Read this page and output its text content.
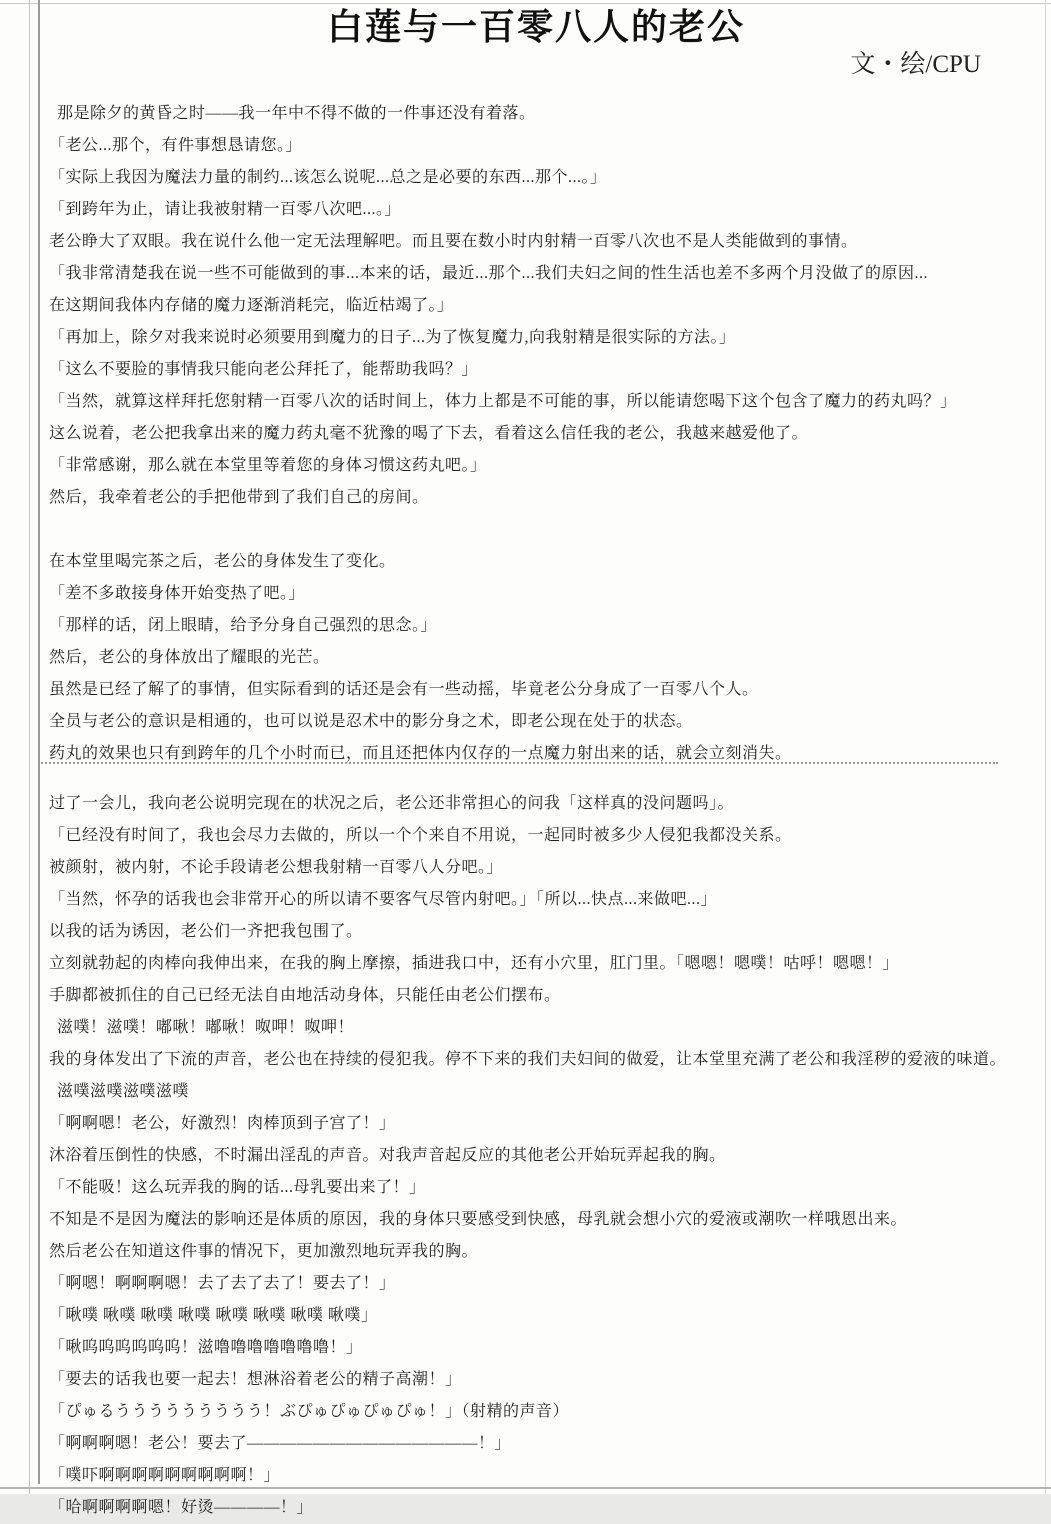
白莲与一百零八人的老公
文・绘/CPU

那是除夕的黄昏之时——我一年中不得不做的一件事还没有着落。

「老公...那个，有件事想恳请您。」

「实际上我因为魔法力量的制约...该怎么说呢...总之是必要的东西...那个...。」

「到跨年为止，请让我被射精一百零八次吧...。」

老公睁大了双眼。我在说什么他一定无法理解吧。而且要在数小时内射精一百零八次也不是人类能做到的事情。

「我非常清楚我在说一些不可能做到的事...本来的话，最近...那个...我们夫妇之间的性生活也差不多两个月没做了的原因...

在这期间我体内存储的魔力逐渐消耗完，临近枯竭了。」

「再加上，除夕对我来说时必须要用到魔力的日子...为了恢复魔力,向我射精是很实际的方法。」

「这么不要脸的事情我只能向老公拜托了，能帮助我吗？」

「当然，就算这样拜托您射精一百零八次的话时间上，体力上都是不可能的事，所以能请您喝下这个包含了魔力的药丸吗？」

这么说着，老公把我拿出来的魔力药丸毫不犹豫的喝了下去，看着这么信任我的老公，我越来越爱他了。

「非常感谢，那么就在本堂里等着您的身体习惯这药丸吧。」

然后，我牵着老公的手把他带到了我们自己的房间。

在本堂里喝完茶之后，老公的身体发生了变化。

「差不多敢接身体开始变热了吧。」

「那样的话，闭上眼睛，给予分身自己强烈的思念。」

然后，老公的身体放出了耀眼的光芒。

虽然是已经了解了的事情，但实际看到的话还是会有一些动摇，毕竟老公分身成了一百零八个人。

全员与老公的意识是相通的，也可以说是忍术中的影分身之术，即老公现在处于的状态。

药丸的效果也只有到跨年的几个小时而已，而且还把体内仅存的一点魔力射出来的话，就会立刻消失。

过了一会儿，我向老公说明完现在的状况之后，老公还非常担心的问我「这样真的没问题吗」。

「已经没有时间了，我也会尽力去做的，所以一个个来自不用说，一起同时被多少人侵犯我都没关系。

被颜射，被内射，不论手段请老公想我射精一百零八人分吧。」

「当然，怀孕的话我也会非常开心的所以请不要客气尽管内射吧。」「所以...快点...来做吧...」

以我的话为诱因，老公们一齐把我包围了。

立刻就勃起的肉棒向我伸出来，在我的胸上摩擦，插进我口中，还有小穴里，肛门里。「嗯嗯！嗯噗！咕呼！嗯嗯！」

手脚都被抓住的自己已经无法自由地活动身体，只能任由老公们摆布。

滋噗！滋噗！嘟啾！嘟啾！呶呷！呶呷！

我的身体发出了下流的声音，老公也在持续的侵犯我。停不下来的我们夫妇间的做爱，让本堂里充满了老公和我淫秽的爱液的味道。

滋噗滋噗滋噗滋噗

「啊啊嗯！老公，好激烈！肉棒顶到子宫了！」

沐浴着压倒性的快感，不时漏出淫乱的声音。对我声音起反应的其他老公开始玩弄起我的胸。

「不能吸！这么玩弄我的胸的话...母乳要出来了！」

不知是不是因为魔法的影响还是体质的原因，我的身体只要感受到快感，母乳就会想小穴的爱液或潮吹一样哦恩出来。

然后老公在知道这件事的情况下，更加激烈地玩弄我的胸。

「啊嗯！啊啊啊嗯！去了去了去了！要去了！」

「啾噗 啾噗 啾噗 啾噗 啾噗 啾噗 啾噗 啾噗」

「啾呜呜呜呜呜呜！滋噜噜噜噜噜噜噜！」

「要去的话我也要一起去！想淋浴着老公的精子高潮！」

「ぴゅるううううううううう！ぶぴゅぴゅぴゅぴゅ！」（射精的声音）

「啊啊啊嗯！老公！要去了——————————————！」

「噗吓啊啊啊啊啊啊啊啊啊！」

「哈啊啊啊啊嗯！好烫————！」
